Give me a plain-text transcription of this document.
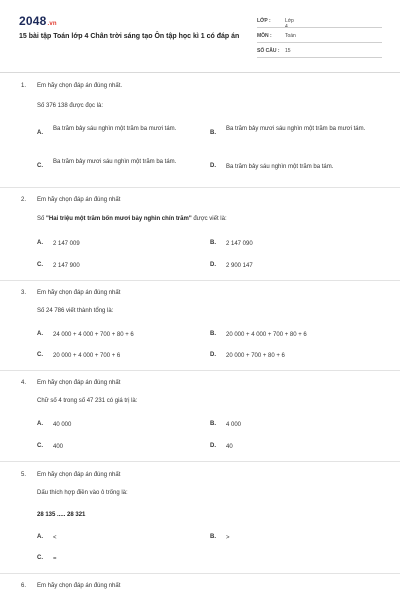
2048.vn
15 bài tập Toán lớp 4 Chân trời sáng tạo Ôn tập học kì 1 có đáp án
LỚP :	Lớp 4
MÔN :	Toán
SỐ CÂU :	15
1. Em hãy chọn đáp án đúng nhất.
Số 376 138 được đọc là:
A.
Ba trăm bảy sáu nghìn một trăm ba mươi tám.
B.
Ba trăm bảy mươi sáu nghìn một trăm ba mươi tám.
C.
Ba trăm bảy mươi sáu nghìn một trăm ba tám.
D. Ba trăm bảy sáu nghìn một trăm ba tám.
2. Em hãy chọn đáp án đúng nhất
Số "Hai triệu một trăm bốn mươi bảy nghìn chín trăm" được viết là:
A. 2 147 009	B. 2 147 090
C. 2 147 900	D. 2 900 147
3. Em hãy chọn đáp án đúng nhất
Số 24 786 viết thành tổng là:
A. 24 000 + 4 000 + 700 + 80 + 6	B. 20 000 + 4 000 + 700 + 80 + 6
C. 20 000 + 4 000 + 700 + 6	D. 20 000 + 700 + 80 + 6
4. Em hãy chọn đáp án đúng nhất
Chữ số 4 trong số 47 231 có giá trị là:
A. 40 000	B. 4 000
C. 400	D. 40
5. Em hãy chọn đáp án đúng nhất
Dấu thích hợp điền vào ô trống là:
28 135 ..... 28 321
A. <	B. >
C. =
6. Em hãy chọn đáp án đúng nhất
